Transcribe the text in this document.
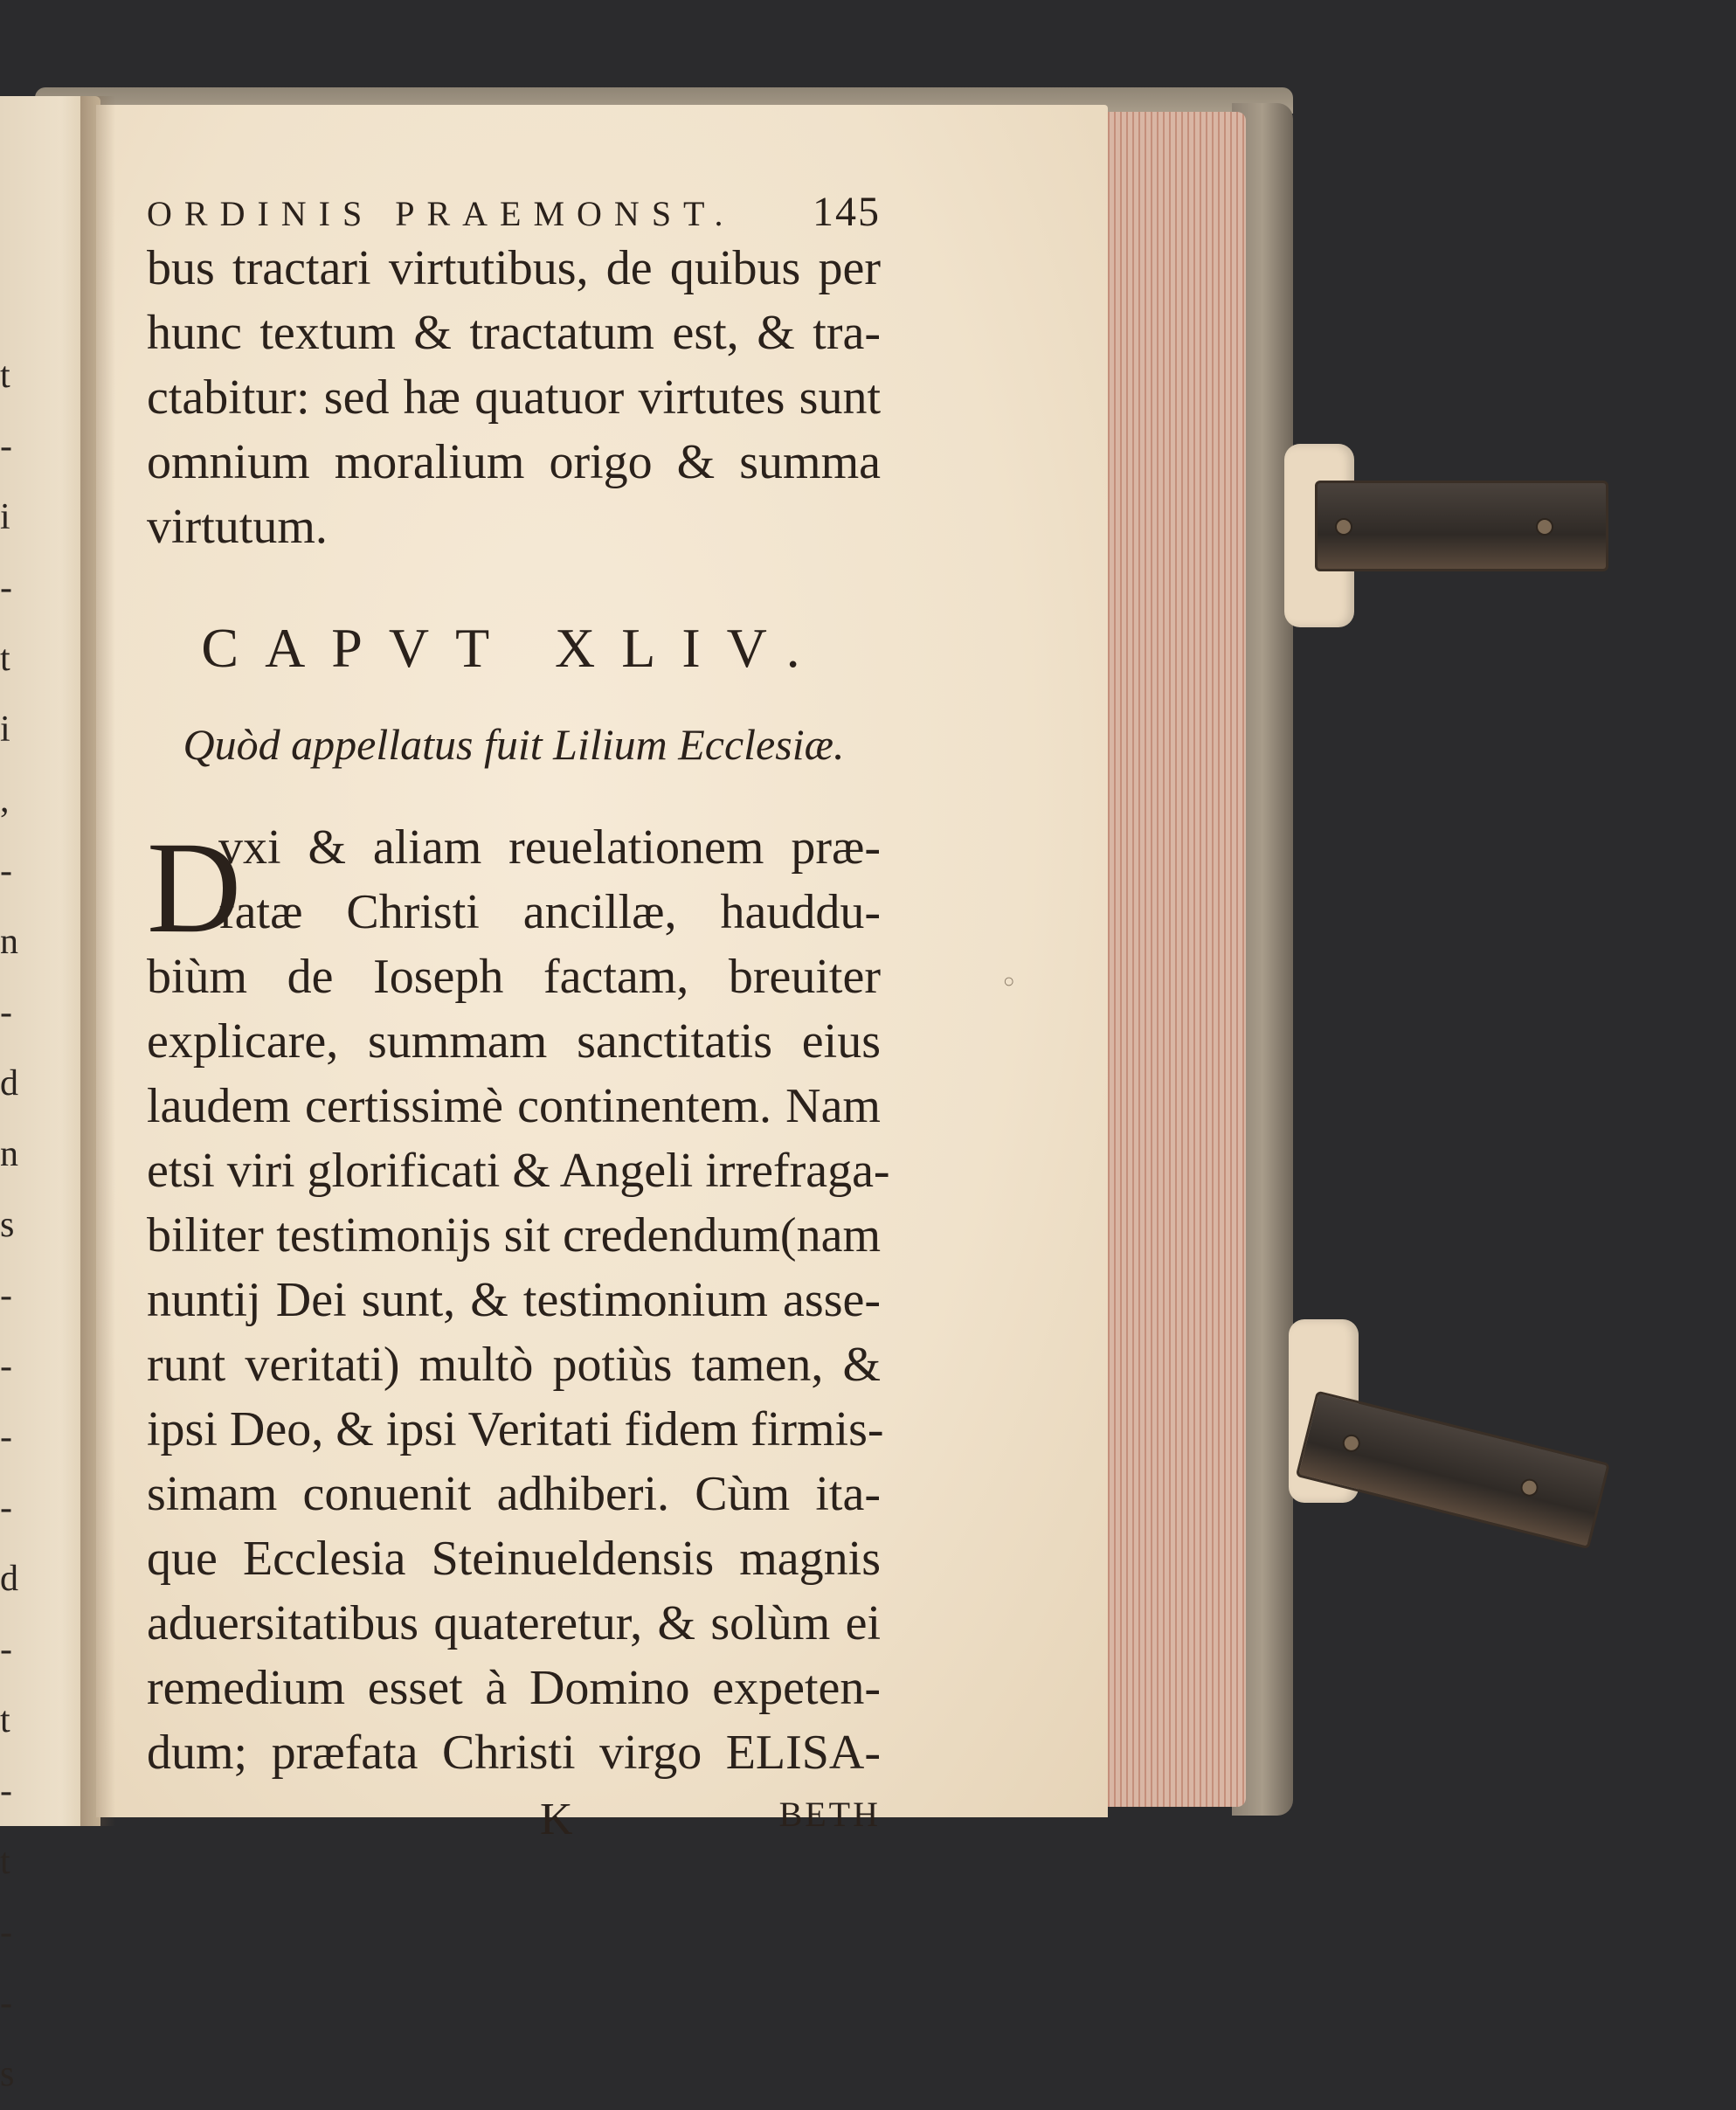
t
-
i
-
t
i
,
-
n
-
d
n
s
-
-
-
-
d
-
t
-
t
-
-
s
○
ORDINIS PRAEMONST. 145
bus tractari virtutibus, de quibus per
hunc textum & tractatum est, & tra-
ctabitur: sed hæ quatuor virtutes sunt
omnium moralium origo & summa
virtutum.
CAPVT XLIV.
Quòd appellatus fuit Lilium Ecclesiæ.
D
vxi & aliam reuelationem præ-
fatæ Christi ancillæ, hauddu-
biùm de Ioseph factam, breuiter
explicare, summam sanctitatis eius
laudem certissimè continentem. Nam
etsi viri glorificati & Angeli irrefraga-
biliter testimonijs sit credendum(nam
nuntij Dei sunt, & testimonium asse-
runt veritati) multò potiùs tamen, &
ipsi Deo, & ipsi Veritati fidem firmis-
simam conuenit adhiberi. Cùm ita-
que Ecclesia Steinueldensis magnis
aduersitatibus quateretur, & solùm ei
remedium esset à Domino expeten-
dum; præfata Christi virgo ELISA-
K	BETH
